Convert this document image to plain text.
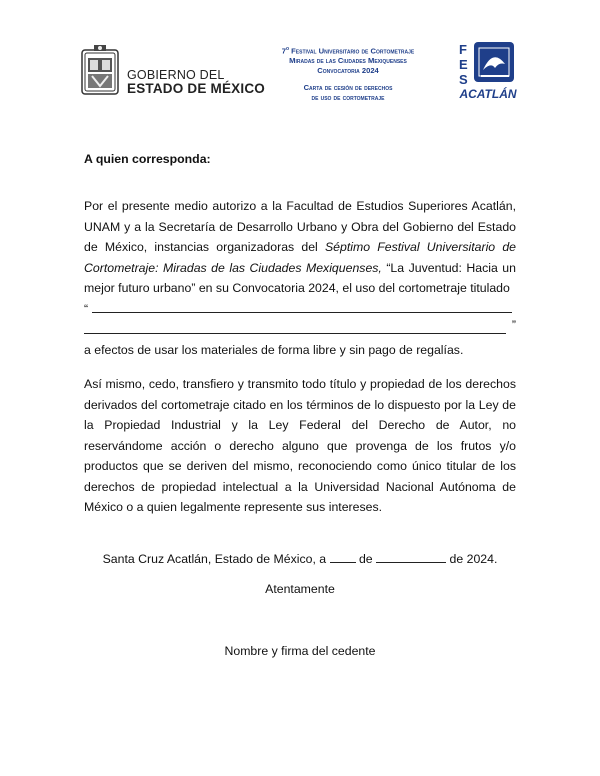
GOBIERNO DEL
ESTADO DE MÉXICO
7$^o$ Festival Universitario de Cortometraje
Miradas de las Ciudades Mexiquenses
Convocatoria 2024
Carta de cesión de derechos
de uso de cortometraje
F
E
S
ACATLÁN
A quien corresponda:
Por el presente medio autorizo a la Facultad de Estudios Superiores Acatlán, UNAM y a la Secretaría de Desarrollo Urbano y Obra del Gobierno del Estado de México, instancias organizadoras del Séptimo Festival Universitario de Cortometraje: Miradas de las Ciudades Mexiquenses, “La Juventud: Hacia un mejor futuro urbano” en su Convocatoria 2024, el uso del cortometraje titulado
“
”
a efectos de usar los materiales de forma libre y sin pago de regalías.
Así mismo, cedo, transfiero y transmito todo título y propiedad de los derechos derivados del cortometraje citado en los términos de lo dispuesto por la Ley de la Propiedad Industrial y la Ley Federal del Derecho de Autor, no reservándome acción o derecho alguno que provenga de los frutos y/o productos que se deriven del mismo, reconociendo como único titular de los derechos de propiedad intelectual a la Universidad Nacional Autónoma de México o a quien legalmente represente sus intereses.
Santa Cruz Acatlán, Estado de México, a	de	de 2024.
Atentamente
Nombre y firma del cedente
